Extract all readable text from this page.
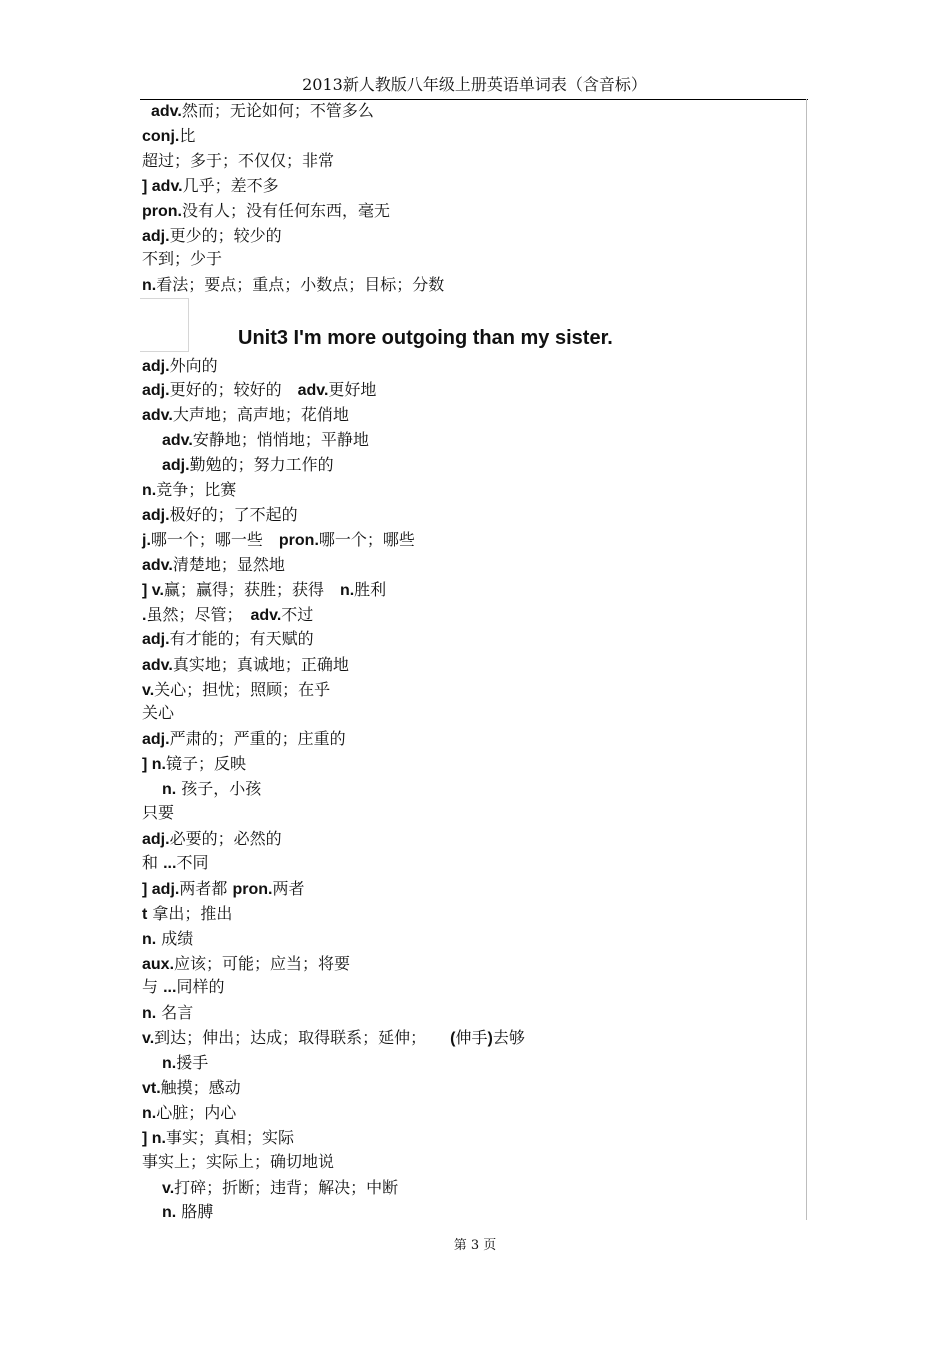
2013新人教版八年级上册英语单词表（含音标）
adv.然而；无论如何；不管多么
conj.比
超过；多于；不仅仅；非常
] adv.几乎；差不多
pron.没有人；没有任何东西，毫无
adj.更少的；较少的
不到；少于
n.看法；要点；重点；小数点；目标；分数
Unit3 I'm more outgoing than my sister.
adj.外向的
adj.更好的；较好的　adv.更好地
adv.大声地；高声地；花俏地
adv.安静地；悄悄地；平静地
adj.勤勉的；努力工作的
n.竞争；比赛
adj.极好的；了不起的
j.哪一个；哪一些　pron.哪一个；哪些
adv.清楚地；显然地
] v.赢；赢得；获胜；获得　n.胜利
.虽然；尽管；　adv.不过
adj.有才能的；有天赋的
adv.真实地；真诚地；正确地
v.关心；担忧；照顾；在乎
关心
adj.严肃的；严重的；庄重的
] n.镜子；反映
n. 孩子，小孩
只要
adj.必要的；必然的
和 ...不同
] adj.两者都 pron.两者
t 拿出；推出
n. 成绩
aux.应该；可能；应当；将要
与 ...同样的
n. 名言
v.到达；伸出；达成；取得联系；延伸；　　(伸手)去够
n.援手
vt.触摸；感动
n.心脏；内心
] n.事实；真相；实际
事实上；实际上；确切地说
v.打碎；折断；违背；解决；中断
n. 胳膊
第 3 页
